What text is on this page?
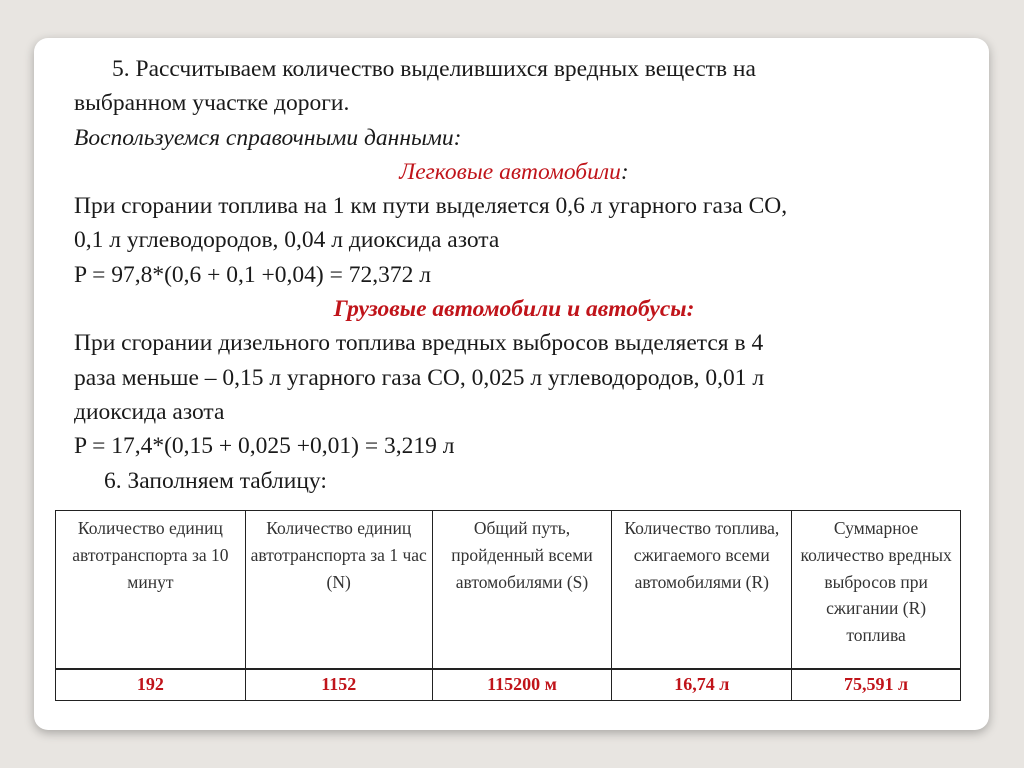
5. Рассчитываем количество выделившихся вредных веществ на

выбранном участке дороги.

Воспользуемся справочными данными:

Легковые автомобили:

При сгорании топлива на 1 км пути выделяется 0,6 л угарного газа СО,

0,1 л углеводородов, 0,04 л диоксида азота

P = 97,8*(0,6 + 0,1 +0,04) = 72,372 л

Грузовые автомобили и автобусы:

При сгорании дизельного топлива вредных выбросов выделяется в 4

раза меньше – 0,15 л угарного газа СО, 0,025 л углеводородов, 0,01 л

диоксида азота

P = 17,4*(0,15 + 0,025 +0,01) = 3,219 л

6. Заполняем таблицу:

Количество единиц автотранспорта за 10 минут	Количество единиц автотранспорта за 1 час (N)	Общий путь, пройденный всеми автомобилями (S)	Количество топлива, сжигаемого всеми автомобилями (R)	Суммарное количество вредных выбросов при сжигании (R) топлива
192	1152	115200 м	16,74 л	75,591 л
